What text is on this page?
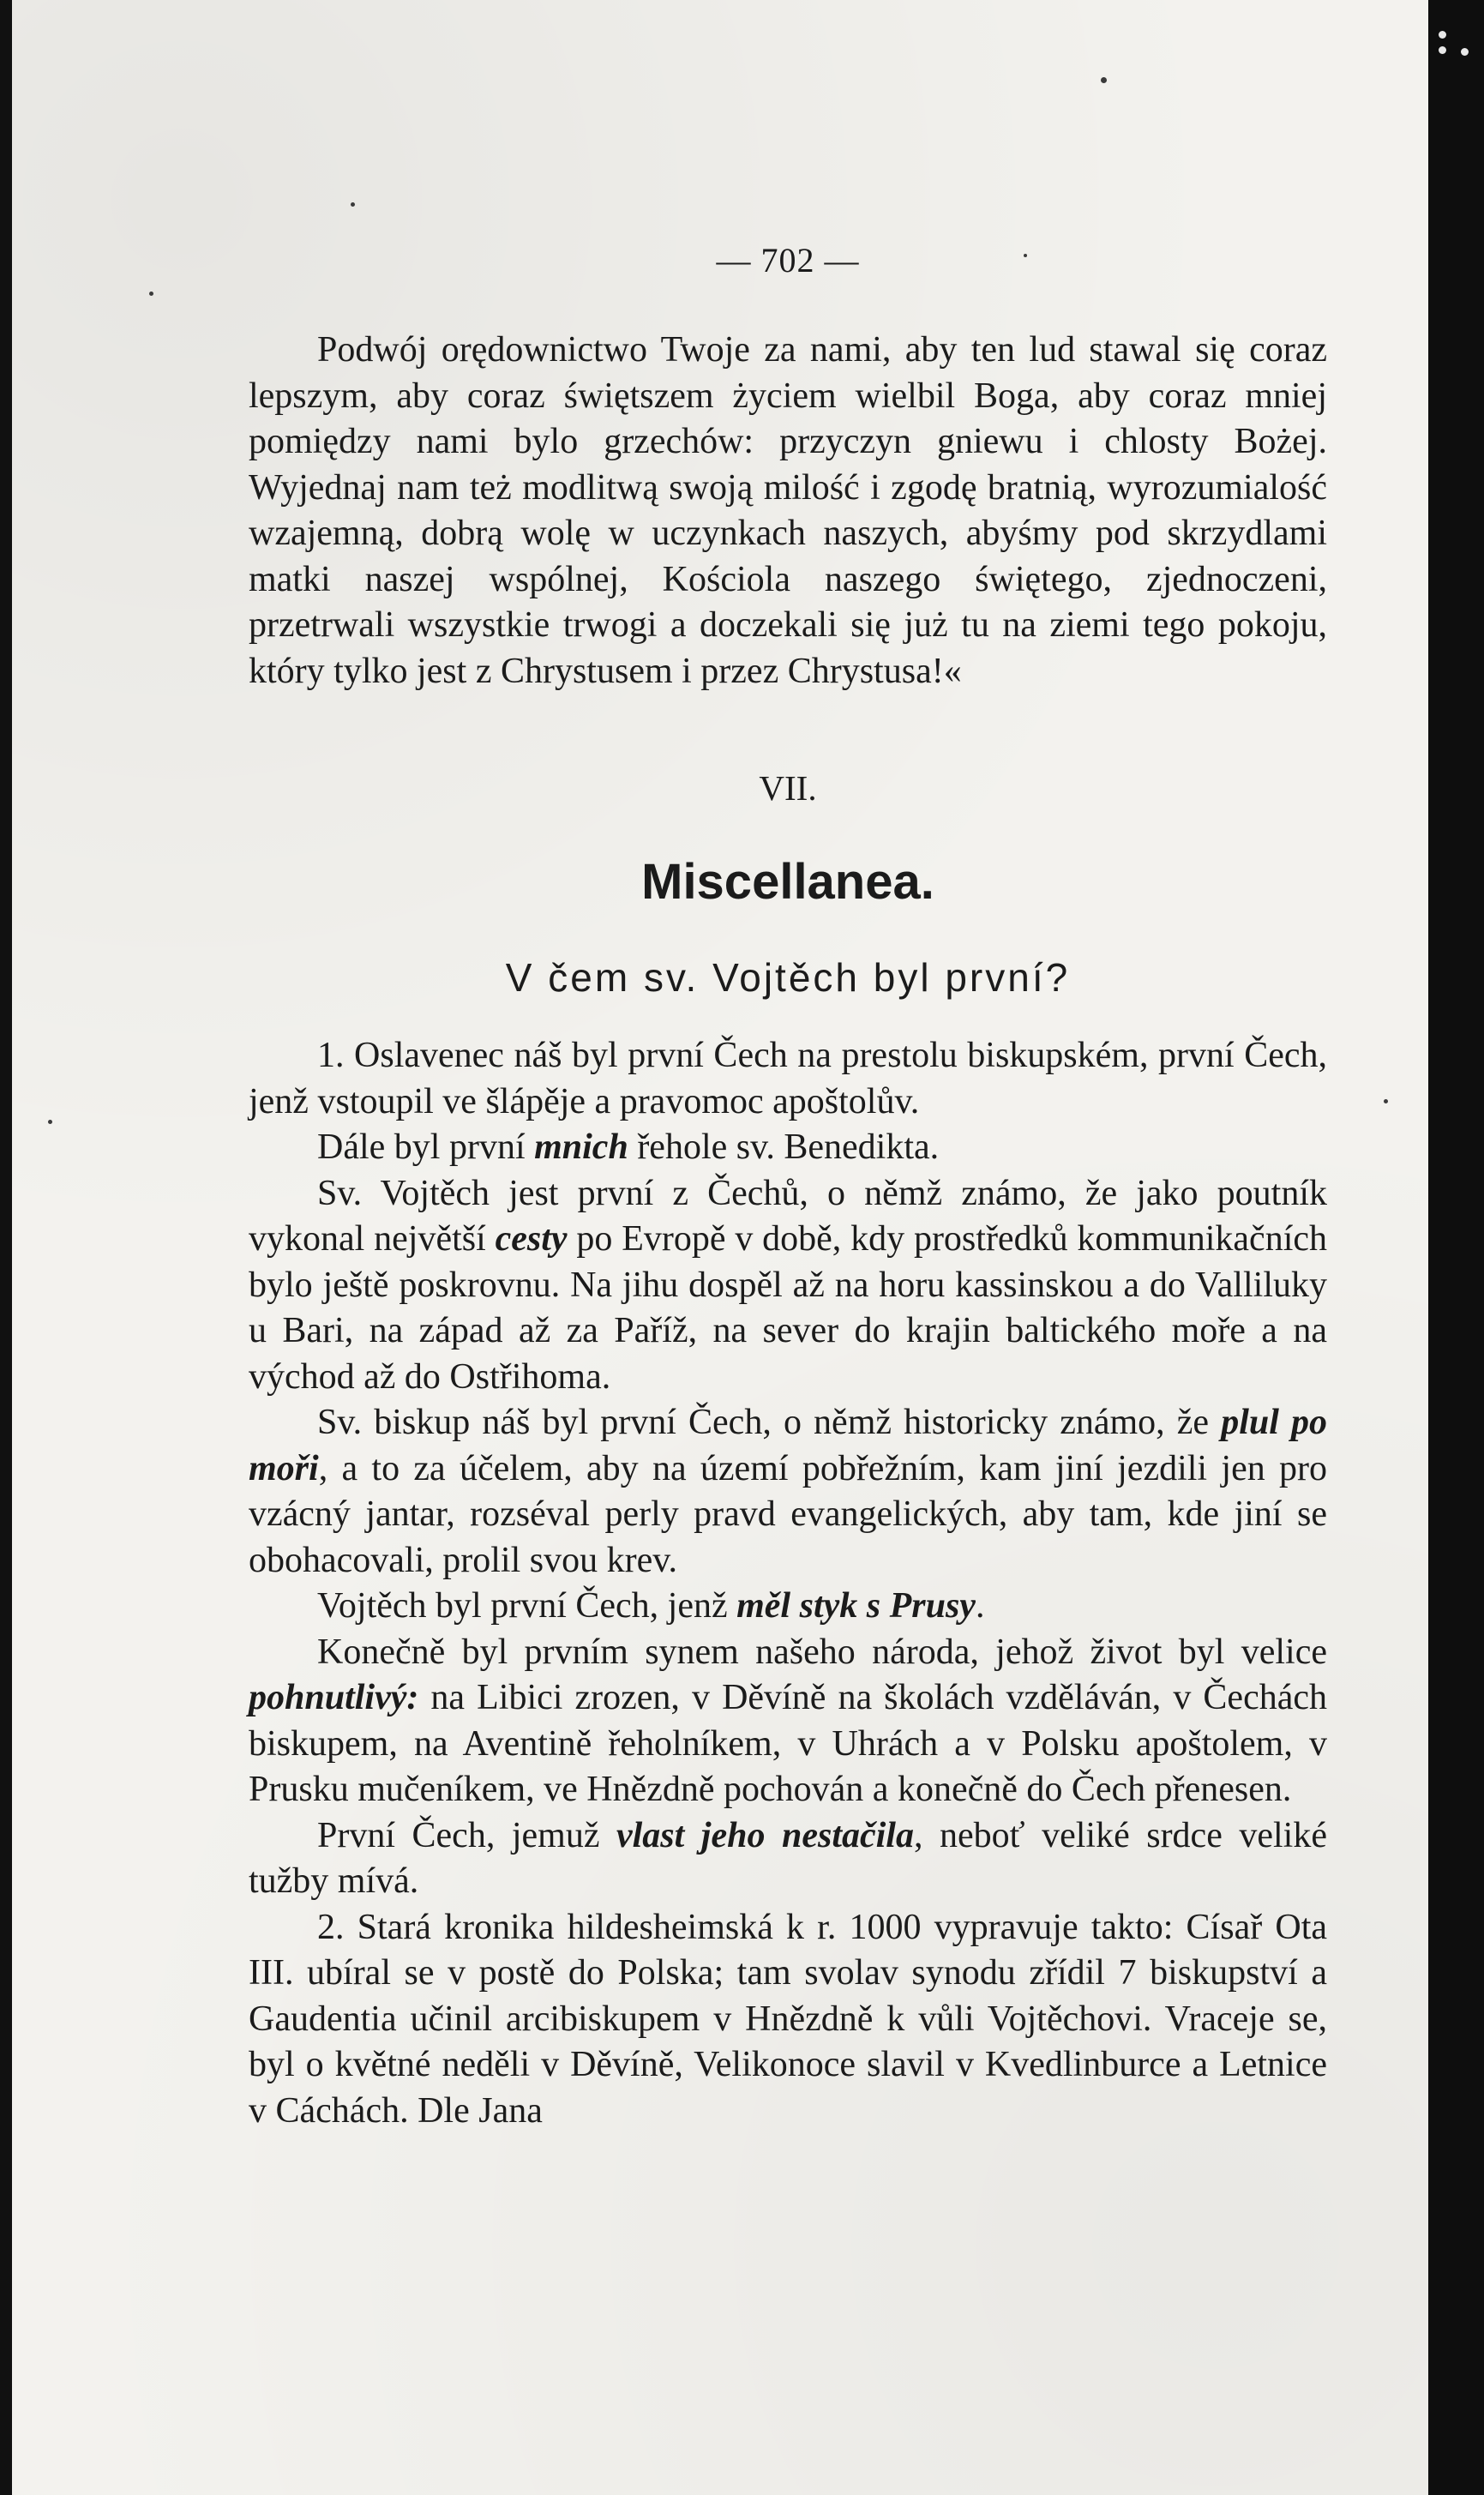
— 702 —

Podwój orędownictwo Twoje za nami, aby ten lud stawal się coraz lepszym, aby coraz świętszem życiem wielbil Boga, aby coraz mniej pomiędzy nami bylo grzechów: przyczyn gniewu i chlosty Bożej. Wyjednaj nam też modlitwą swoją milość i zgodę bratnią, wyrozumialość wzajemną, dobrą wolę w uczynkach naszych, abyśmy pod skrzydlami matki naszej wspólnej, Kościola naszego świętego, zjednoczeni, przetrwali wszystkie trwogi a doczekali się już tu na ziemi tego pokoju, który tylko jest z Chrystusem i przez Chrystusa!«

VII.
Miscellanea.
V čem sv. Vojtěch byl první?

1. Oslavenec náš byl první Čech na prestolu biskupském, první Čech, jenž vstoupil ve šlápěje a pravomoc apoštolův.

Dále byl první mnich řehole sv. Benedikta.

Sv. Vojtěch jest první z Čechů, o němž známo, že jako poutník vykonal největší cesty po Evropě v době, kdy prostředků kommunikačních bylo ještě poskrovnu. Na jihu dospěl až na horu kassinskou a do Valliluky u Bari, na západ až za Paříž, na sever do krajin baltického moře a na východ až do Ostřihoma.

Sv. biskup náš byl první Čech, o němž historicky známo, že plul po moři, a to za účelem, aby na území pobřežním, kam jiní jezdili jen pro vzácný jantar, rozséval perly pravd evangelických, aby tam, kde jiní se obohacovali, prolil svou krev.

Vojtěch byl první Čech, jenž měl styk s Prusy.

Konečně byl prvním synem našeho národa, jehož život byl velice pohnutlivý: na Libici zrozen, v Děvíně na školách vzděláván, v Čechách biskupem, na Aventině řeholníkem, v Uhrách a v Polsku apoštolem, v Prusku mučeníkem, ve Hnězdně pochován a konečně do Čech přenesen.

První Čech, jemuž vlast jeho nestačila, neboť veliké srdce veliké tužby mívá.

2. Stará kronika hildesheimská k r. 1000 vypravuje takto: Císař Ota III. ubíral se v postě do Polska; tam svolav synodu zřídil 7 biskupství a Gaudentia učinil arcibiskupem v Hnězdně k vůli Vojtěchovi. Vraceje se, byl o květné neděli v Děvíně, Velikonoce slavil v Kvedlinburce a Letnice v Cáchách. Dle Jana
